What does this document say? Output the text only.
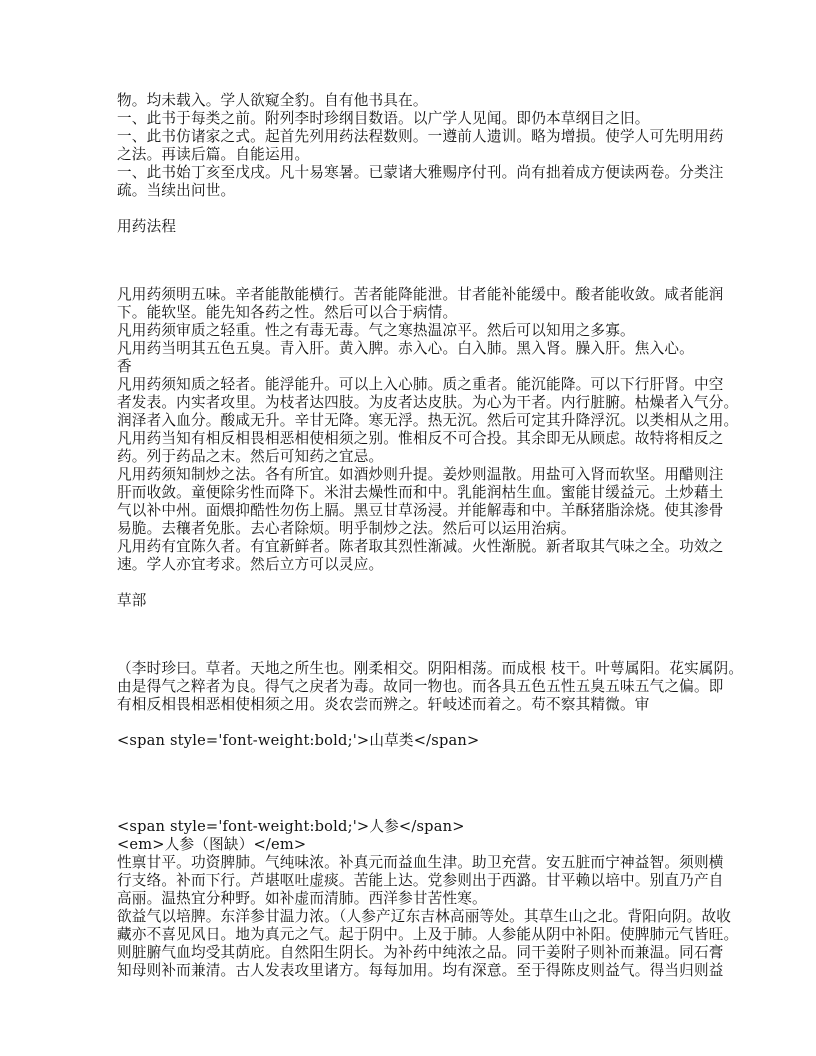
物。均未载入。学人欲窥全豹。自有他书具在。
一、此书于每类之前。附列李时珍纲目数语。以广学人见闻。即仍本草纲目之旧。
一、此书仿诸家之式。起首先列用药法程数则。一遵前人遗训。略为增损。使学人可先明用药
之法。再读后篇。自能运用。
一、此书始丁亥至戊戌。凡十易寒暑。已蒙诸大雅赐序付刊。尚有拙着成方便读两卷。分类注
疏。当续出问世。
用药法程
凡用药须明五味。辛者能散能横行。苦者能降能泄。甘者能补能缓中。酸者能收敛。咸者能润
下。能软坚。能先知各药之性。然后可以合于病情。
凡用药须审质之轻重。性之有毒无毒。气之寒热温凉平。然后可以知用之多寡。
凡用药当明其五色五臭。青入肝。黄入脾。赤入心。白入肺。黑入肾。臊入肝。焦入心。
香
凡用药须知质之轻者。能浮能升。可以上入心肺。质之重者。能沉能降。可以下行肝肾。中空
者发表。内实者攻里。为枝者达四肢。为皮者达皮肤。为心为干者。内行脏腑。枯燥者入气分。
润泽者入血分。酸咸无升。辛甘无降。寒无浮。热无沉。然后可定其升降浮沉。以类相从之用。
凡用药当知有相反相畏相恶相使相须之别。惟相反不可合投。其余即无从顾虑。故特将相反之
药。列于药品之末。然后可知药之宜忌。
凡用药须知制炒之法。各有所宜。如酒炒则升提。姜炒则温散。用盐可入肾而软坚。用醋则注
肝而收敛。童便除劣性而降下。米泔去燥性而和中。乳能润枯生血。蜜能甘缓益元。土炒藉土
气以补中州。面煨抑酷性勿伤上膈。黑豆甘草汤浸。并能解毒和中。羊酥猪脂涂烧。使其渗骨
易脆。去穰者免胀。去心者除烦。明乎制炒之法。然后可以运用治病。
凡用药有宜陈久者。有宜新鲜者。陈者取其烈性渐减。火性渐脱。新者取其气味之全。功效之
速。学人亦宜考求。然后立方可以灵应。
草部
（李时珍曰。草者。天地之所生也。刚柔相交。阴阳相荡。而成根 枝干。叶萼属阳。花实属阴。
由是得气之粹者为良。得气之戾者为毒。故同一物也。而各具五色五性五臭五味五气之偏。即
有相反相畏相恶相使相须之用。炎农尝而辨之。轩岐述而着之。苟不察其精微。审
<span style='font-weight:bold;'>山草类</span>
<span style='font-weight:bold;'>人参</span>
<em>人参（图缺）</em>
性禀甘平。功资脾肺。气纯味浓。补真元而益血生津。助卫充营。安五脏而宁神益智。须则横
行支络。补而下行。芦堪呕吐虚痰。苦能上达。党参则出于西潞。甘平赖以培中。别直乃产自
高丽。温热宜分种野。如补虚而清肺。西洋参甘苦性寒。
欲益气以培脾。东洋参甘温力浓。（人参产辽东吉林高丽等处。其草生山之北。背阳向阴。故收
藏亦不喜见风日。地为真元之气。起于阴中。上及于肺。人参能从阴中补阳。使脾肺元气皆旺。
则脏腑气血均受其荫庇。自然阳生阴长。为补药中纯浓之品。同干姜附子则补而兼温。同石膏
知母则补而兼清。古人发表攻里诸方。每每加用。均有深意。至于得陈皮则益气。得当归则益
